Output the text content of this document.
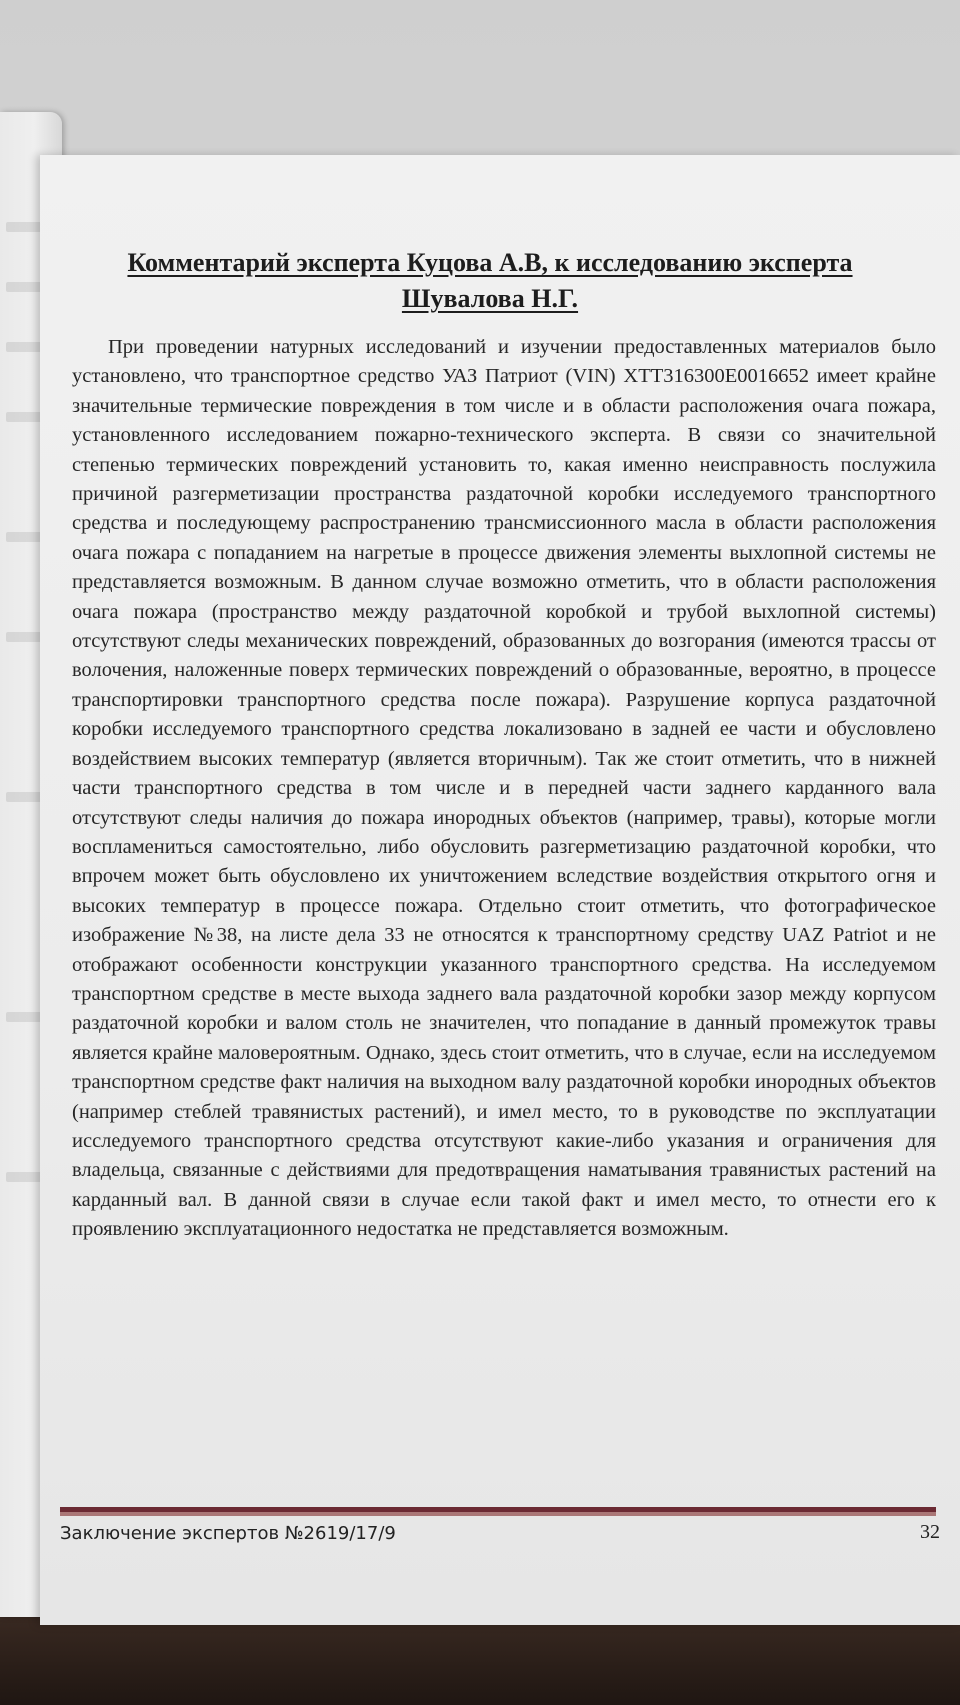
Комментарий эксперта Куцова А.В, к исследованию эксперта
Шувалова Н.Г.

При проведении натурных исследований и изучении предоставленных материалов было установлено, что транспортное средство УАЗ Патриот (VIN) ХТТ316300Е0016652 имеет крайне значительные термические повреждения в том числе и в области расположения очага пожара, установленного исследованием пожарно-технического эксперта. В связи со значительной степенью термических повреждений установить то, какая именно неисправность послужила причиной разгерметизации пространства раздаточной коробки исследуемого транспортного средства и последующему распространению трансмиссионного масла в области расположения очага пожара с попаданием на нагретые в процессе движения элементы выхлопной системы не представляется возможным. В данном случае возможно отметить, что в области расположения очага пожара (пространство между раздаточной коробкой и трубой выхлопной системы) отсутствуют следы механических повреждений, образованных до возгорания (имеются трассы от волочения, наложенные поверх термических повреждений о образованные, вероятно, в процессе транспортировки транспортного средства после пожара). Разрушение корпуса раздаточной коробки исследуемого транспортного средства локализовано в задней ее части и обусловлено воздействием высоких температур (является вторичным). Так же стоит отметить, что в нижней части транспортного средства в том числе и в передней части заднего карданного вала отсутствуют следы наличия до пожара инородных объектов (например, травы), которые могли воспламениться самостоятельно, либо обусловить разгерметизацию раздаточной коробки, что впрочем может быть обусловлено их уничтожением вследствие воздействия открытого огня и высоких температур в процессе пожара. Отдельно стоит отметить, что фотографическое изображение №38, на листе дела 33 не относятся к транспортному средству UAZ Patriot и не отображают особенности конструкции указанного транспортного средства. На исследуемом транспортном средстве в месте выхода заднего вала раздаточной коробки зазор между корпусом раздаточной коробки и валом столь не значителен, что попадание в данный промежуток травы является крайне маловероятным. Однако, здесь стоит отметить, что в случае, если на исследуемом транспортном средстве факт наличия на выходном валу раздаточной коробки инородных объектов (например стеблей травянистых растений), и имел место, то в руководстве по эксплуатации исследуемого транспортного средства отсутствуют какие-либо указания и ограничения для владельца, связанные с действиями для предотвращения наматывания травянистых растений на карданный вал. В данной связи в случае если такой факт и имел место, то отнести его к проявлению эксплуатационного недостатка не представляется возможным.

Заключение экспертов №2619/17/9	32
